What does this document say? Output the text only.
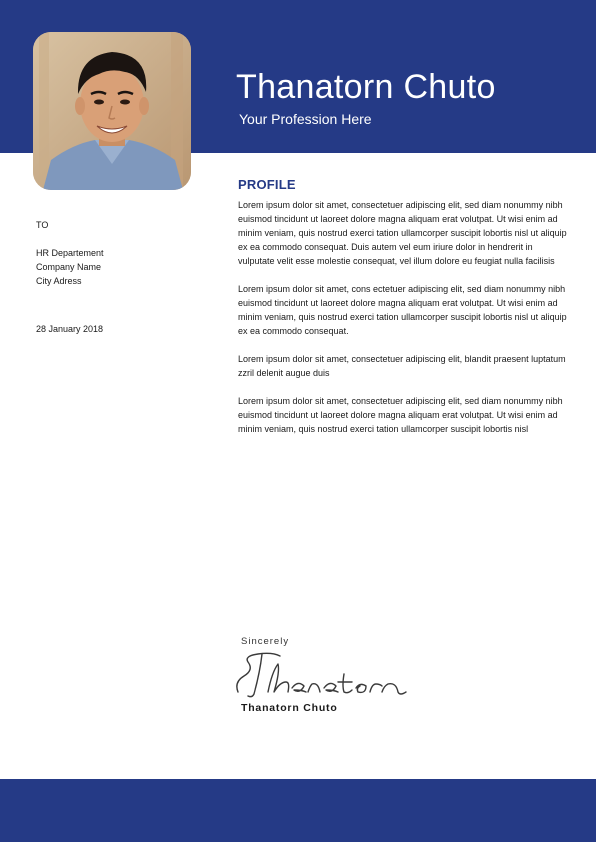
Thanatorn Chuto
Your Profession Here
TO
HR Departement
Company Name
City Adress
28 January 2018
PROFILE

Lorem ipsum dolor sit amet, consectetuer adipiscing elit, sed diam nonummy nibh euismod tincidunt ut laoreet dolore magna aliquam erat volutpat. Ut wisi enim ad minim veniam, quis nostrud exerci tation ullamcorper suscipit lobortis nisl ut aliquip ex ea commodo consequat. Duis autem vel eum iriure dolor in hendrerit in vulputate velit esse molestie consequat, vel illum dolore eu feugiat nulla facilisis

Lorem ipsum dolor sit amet, cons ectetuer adipiscing elit, sed diam nonummy nibh euismod tincidunt ut laoreet dolore magna aliquam erat volutpat. Ut wisi enim ad minim veniam, quis nostrud exerci tation ullamcorper suscipit lobortis nisl ut aliquip ex ea commodo consequat.

Lorem ipsum dolor sit amet, consectetuer adipiscing elit, blandit praesent luptatum zzril delenit augue duis

Lorem ipsum dolor sit amet, consectetuer adipiscing elit, sed diam nonummy nibh euismod tincidunt ut laoreet dolore magna aliquam erat volutpat. Ut wisi enim ad minim veniam, quis nostrud exerci tation ullamcorper suscipit lobortis nisl

Sincerely
Thanatorn
Thanatorn Chuto
